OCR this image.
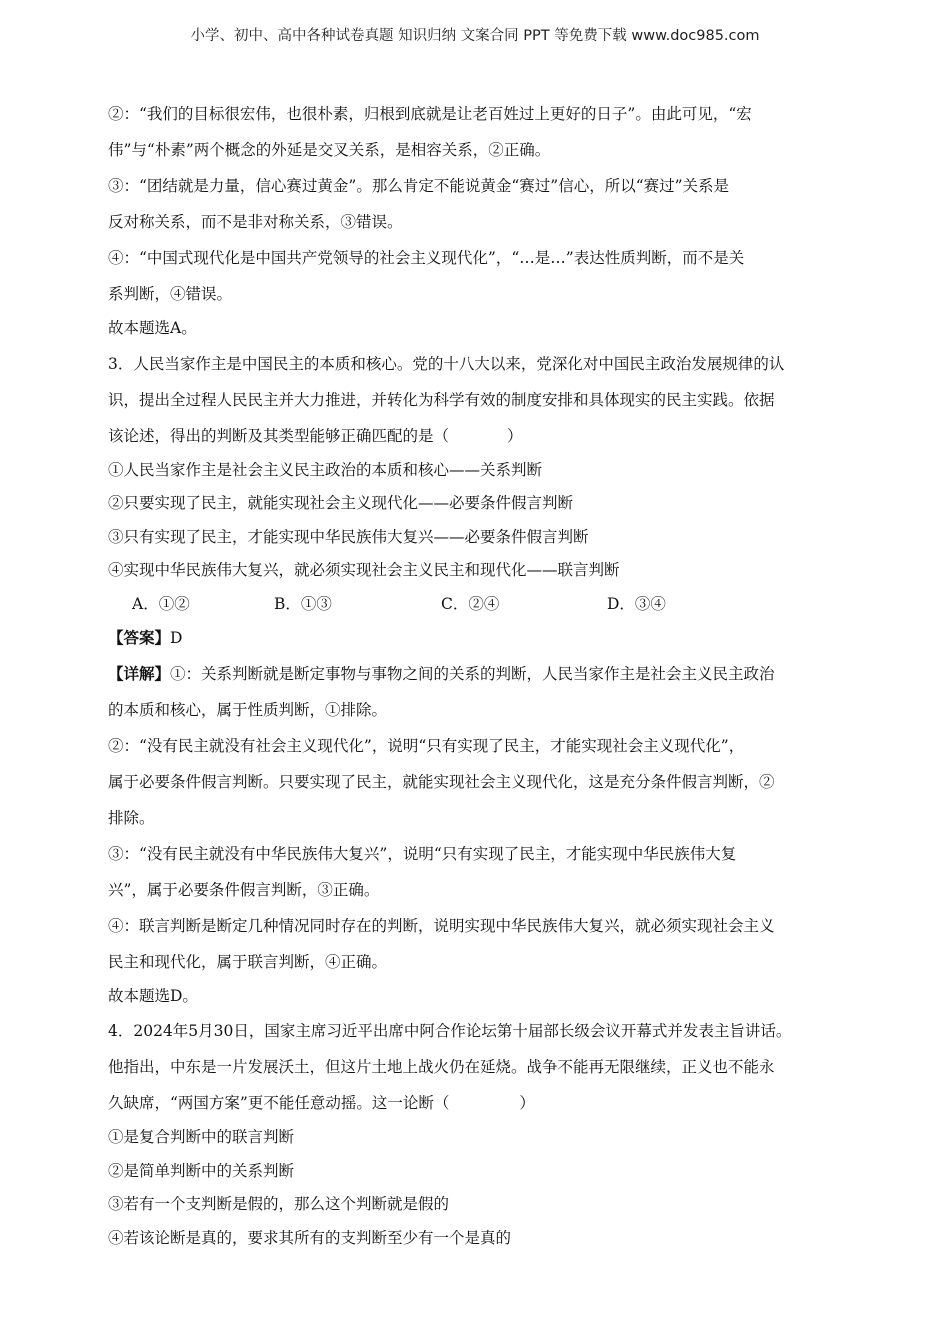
小学、初中、高中各种试卷真题 知识归纳 文案合同 PPT 等免费下载 www.doc985.com
②：“我们的目标很宏伟，也很朴素，归根到底就是让老百姓过上更好的日子”。由此可见，“宏
伟”与“朴素”两个概念的外延是交叉关系，是相容关系，②正确。
③：“团结就是力量，信心赛过黄金”。那么肯定不能说黄金“赛过”信心，所以“赛过”关系是
反对称关系，而不是非对称关系，③错误。
④：“中国式现代化是中国共产党领导的社会主义现代化”，“…是…”表达性质判断，而不是关
系判断，④错误。
故本题选A。
3．人民当家作主是中国民主的本质和核心。党的十八大以来，党深化对中国民主政治发展规律的认
识，提出全过程人民民主并大力推进，并转化为科学有效的制度安排和具体现实的民主实践。依据
该论述，得出的判断及其类型能够正确匹配的是（	）
①人民当家作主是社会主义民主政治的本质和核心——关系判断
②只要实现了民主，就能实现社会主义现代化——必要条件假言判断
③只有实现了民主，才能实现中华民族伟大复兴——必要条件假言判断
④实现中华民族伟大复兴，就必须实现社会主义民主和现代化——联言判断
A．①②	B．①③	C．②④	D．③④
【答案】D
【详解】①：关系判断就是断定事物与事物之间的关系的判断，人民当家作主是社会主义民主政治
的本质和核心，属于性质判断，①排除。
②：“没有民主就没有社会主义现代化”，说明“只有实现了民主，才能实现社会主义现代化”，
属于必要条件假言判断。只要实现了民主，就能实现社会主义现代化，这是充分条件假言判断，②
排除。
③：“没有民主就没有中华民族伟大复兴”，说明“只有实现了民主，才能实现中华民族伟大复
兴”，属于必要条件假言判断，③正确。
④：联言判断是断定几种情况同时存在的判断，说明实现中华民族伟大复兴，就必须实现社会主义
民主和现代化，属于联言判断，④正确。
故本题选D。
4．2024年5月30日，国家主席习近平出席中阿合作论坛第十届部长级会议开幕式并发表主旨讲话。
他指出，中东是一片发展沃土，但这片土地上战火仍在延烧。战争不能再无限继续，正义也不能永
久缺席，“两国方案”更不能任意动摇。这一论断（	）
①是复合判断中的联言判断
②是简单判断中的关系判断
③若有一个支判断是假的，那么这个判断就是假的
④若该论断是真的，要求其所有的支判断至少有一个是真的
